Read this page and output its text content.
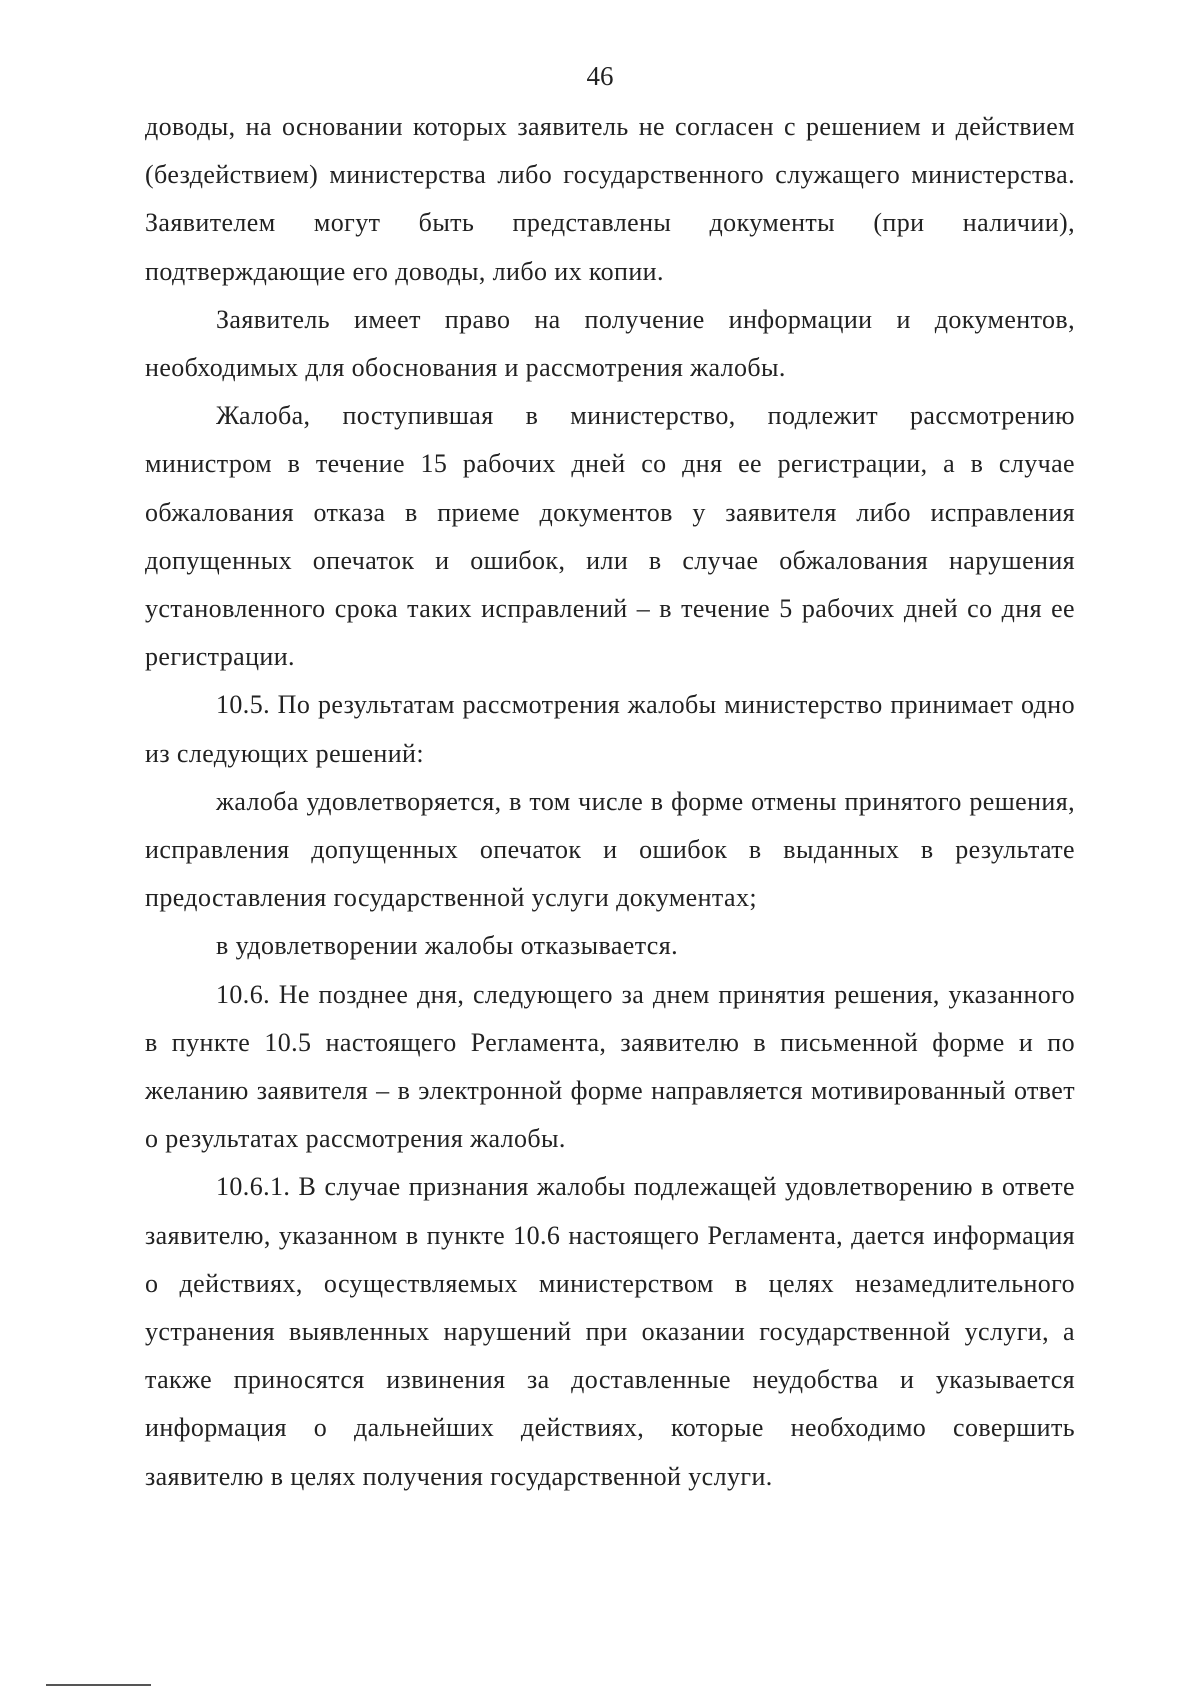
46

доводы, на основании которых заявитель не согласен с решением и действием (бездействием) министерства либо государственного служащего министерства. Заявителем могут быть представлены документы (при наличии), подтверждающие его доводы, либо их копии.

Заявитель имеет право на получение информации и документов, необходимых для обоснования и рассмотрения жалобы.

Жалоба, поступившая в министерство, подлежит рассмотрению министром в течение 15 рабочих дней со дня ее регистрации, а в случае обжалования отказа в приеме документов у заявителя либо исправления допущенных опечаток и ошибок, или в случае обжалования нарушения установленного срока таких исправлений – в течение 5 рабочих дней со дня ее регистрации.

10.5. По результатам рассмотрения жалобы министерство принимает одно из следующих решений:

жалоба удовлетворяется, в том числе в форме отмены принятого решения, исправления допущенных опечаток и ошибок в выданных в результате предоставления государственной услуги документах;

в удовлетворении жалобы отказывается.

10.6. Не позднее дня, следующего за днем принятия решения, указанного в пункте 10.5 настоящего Регламента, заявителю в письменной форме и по желанию заявителя – в электронной форме направляется мотивированный ответ о результатах рассмотрения жалобы.

10.6.1. В случае признания жалобы подлежащей удовлетворению в ответе заявителю, указанном в пункте 10.6 настоящего Регламента, дается информация о действиях, осуществляемых министерством в целях незамедлительного устранения выявленных нарушений при оказании государственной услуги, а также приносятся извинения за доставленные неудобства и указывается информация о дальнейших действиях, которые необходимо совершить заявителю в целях получения государственной услуги.
